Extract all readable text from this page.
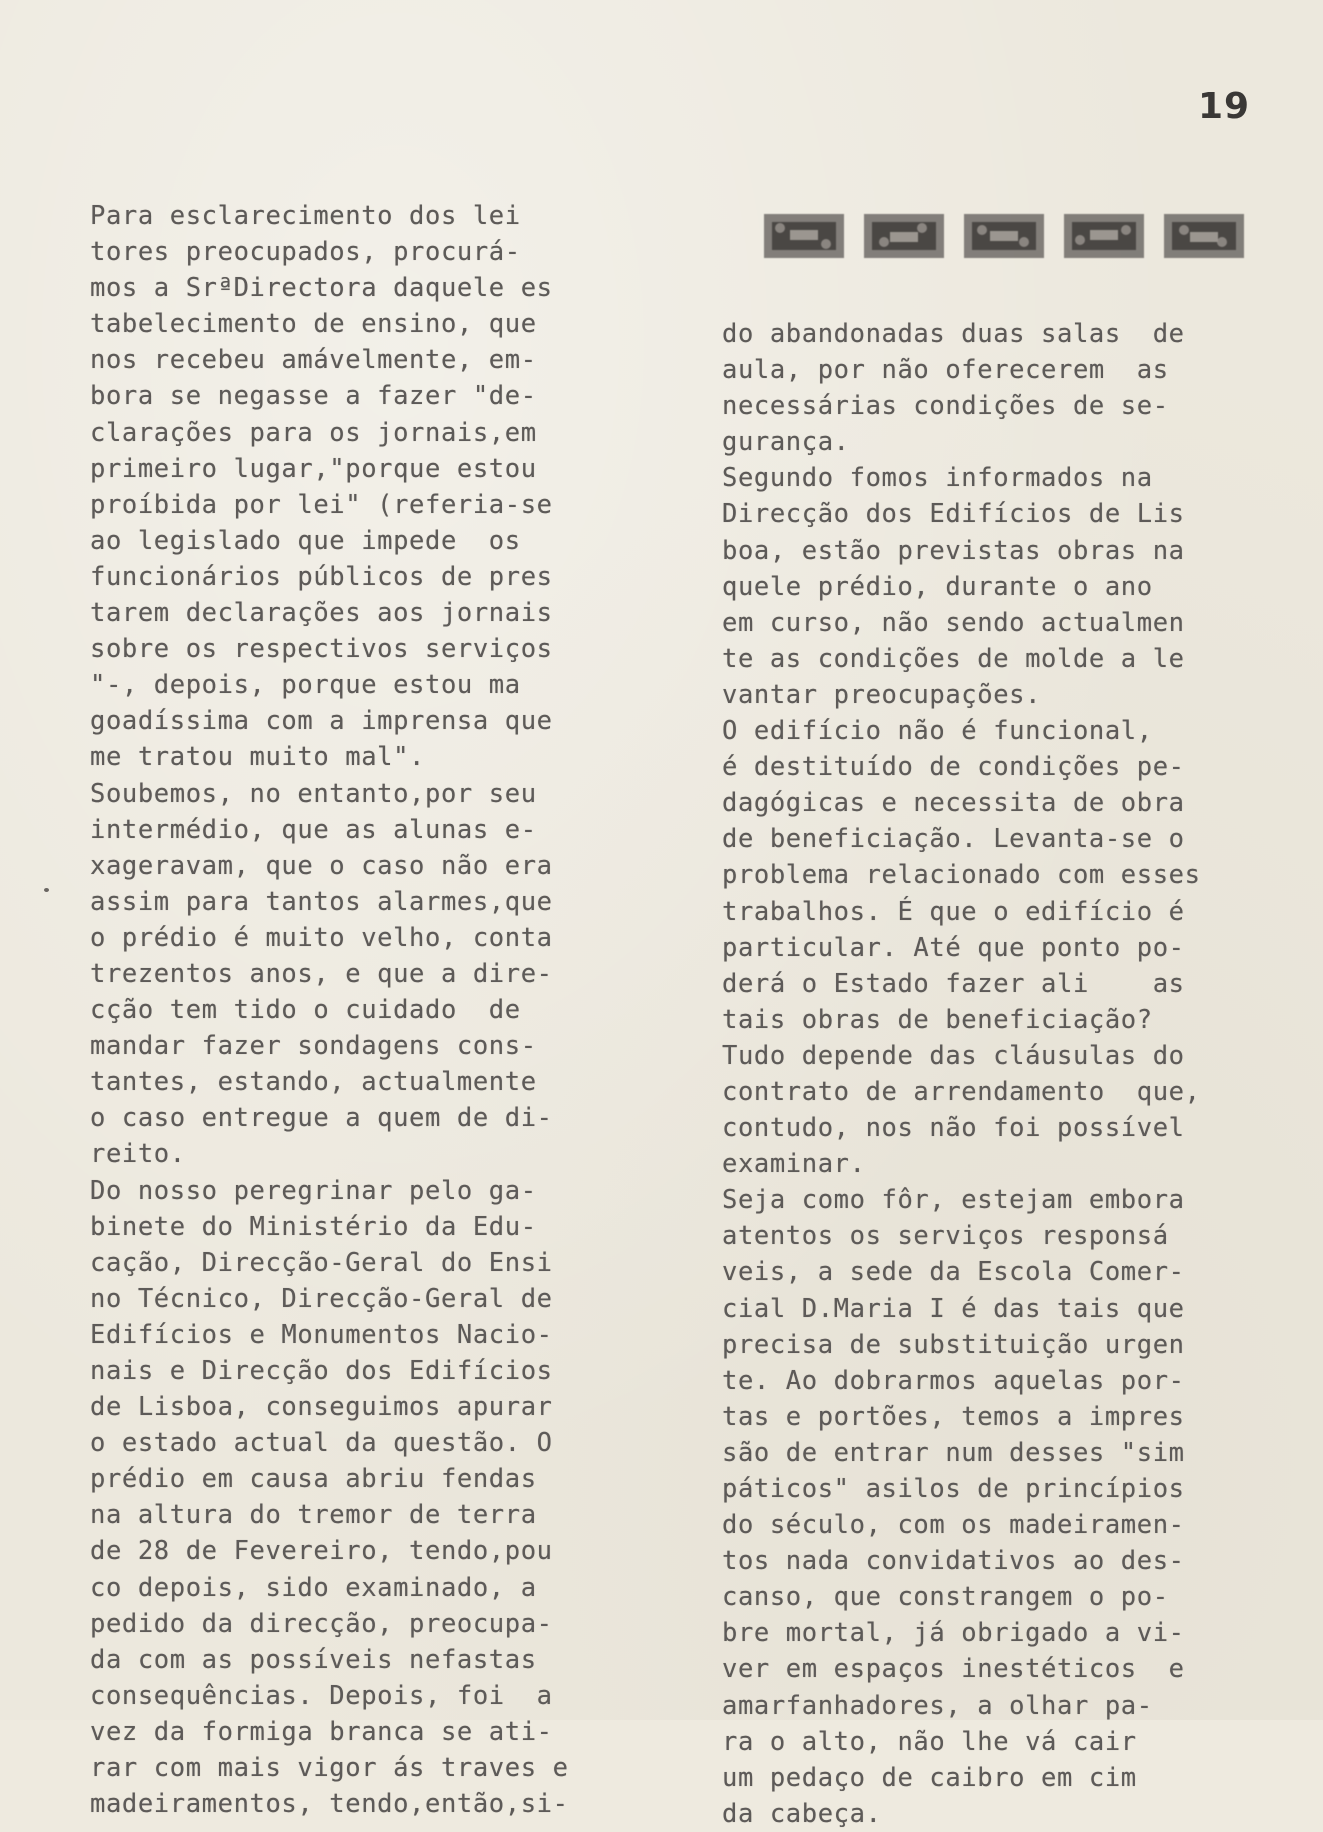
19
Para esclarecimento dos lei
tores preocupados, procurá-
mos a SrªDirectora daquele es
tabelecimento de ensino, que
nos recebeu amávelmente, em-
bora se negasse a fazer "de-
clarações para os jornais,em
primeiro lugar,"porque estou
proíbida por lei" (referia-se
ao legislado que impede  os
funcionários públicos de pres
tarem declarações aos jornais
sobre os respectivos serviços
"-, depois, porque estou ma
goadíssima com a imprensa que
me tratou muito mal".
Soubemos, no entanto,por seu
intermédio, que as alunas e-
xageravam, que o caso não era
assim para tantos alarmes,que
o prédio é muito velho, conta
trezentos anos, e que a dire-
cção tem tido o cuidado  de
mandar fazer sondagens cons-
tantes, estando, actualmente
o caso entregue a quem de di-
reito.
Do nosso peregrinar pelo ga-
binete do Ministério da Edu-
cação, Direcção-Geral do Ensi
no Técnico, Direcção-Geral de
Edifícios e Monumentos Nacio-
nais e Direcção dos Edifícios
de Lisboa, conseguimos apurar
o estado actual da questão. O
prédio em causa abriu fendas
na altura do tremor de terra
de 28 de Fevereiro, tendo,pou
co depois, sido examinado, a
pedido da direcção, preocupa-
da com as possíveis nefastas
consequências. Depois, foi  a
vez da formiga branca se ati-
rar com mais vigor ás traves e
madeiramentos, tendo,então,si-
do abandonadas duas salas  de
aula, por não oferecerem  as
necessárias condições de se-
gurança.
Segundo fomos informados na
Direcção dos Edifícios de Lis
boa, estão previstas obras na
quele prédio, durante o ano
em curso, não sendo actualmen
te as condições de molde a le
vantar preocupações.
O edifício não é funcional,
é destituído de condições pe-
dagógicas e necessita de obra
de beneficiação. Levanta-se o
problema relacionado com esses
trabalhos. É que o edifício é
particular. Até que ponto po-
derá o Estado fazer ali    as
tais obras de beneficiação?
Tudo depende das cláusulas do
contrato de arrendamento  que,
contudo, nos não foi possível
examinar.
Seja como fôr, estejam embora
atentos os serviços responsá
veis, a sede da Escola Comer-
cial D.Maria I é das tais que
precisa de substituição urgen
te. Ao dobrarmos aquelas por-
tas e portões, temos a impres
são de entrar num desses "sim
páticos" asilos de princípios
do século, com os madeiramen-
tos nada convidativos ao des-
canso, que constrangem o po-
bre mortal, já obrigado a vi-
ver em espaços inestéticos  e
amarfanhadores, a olhar pa-
ra o alto, não lhe vá cair
um pedaço de caibro em cim
da cabeça.
